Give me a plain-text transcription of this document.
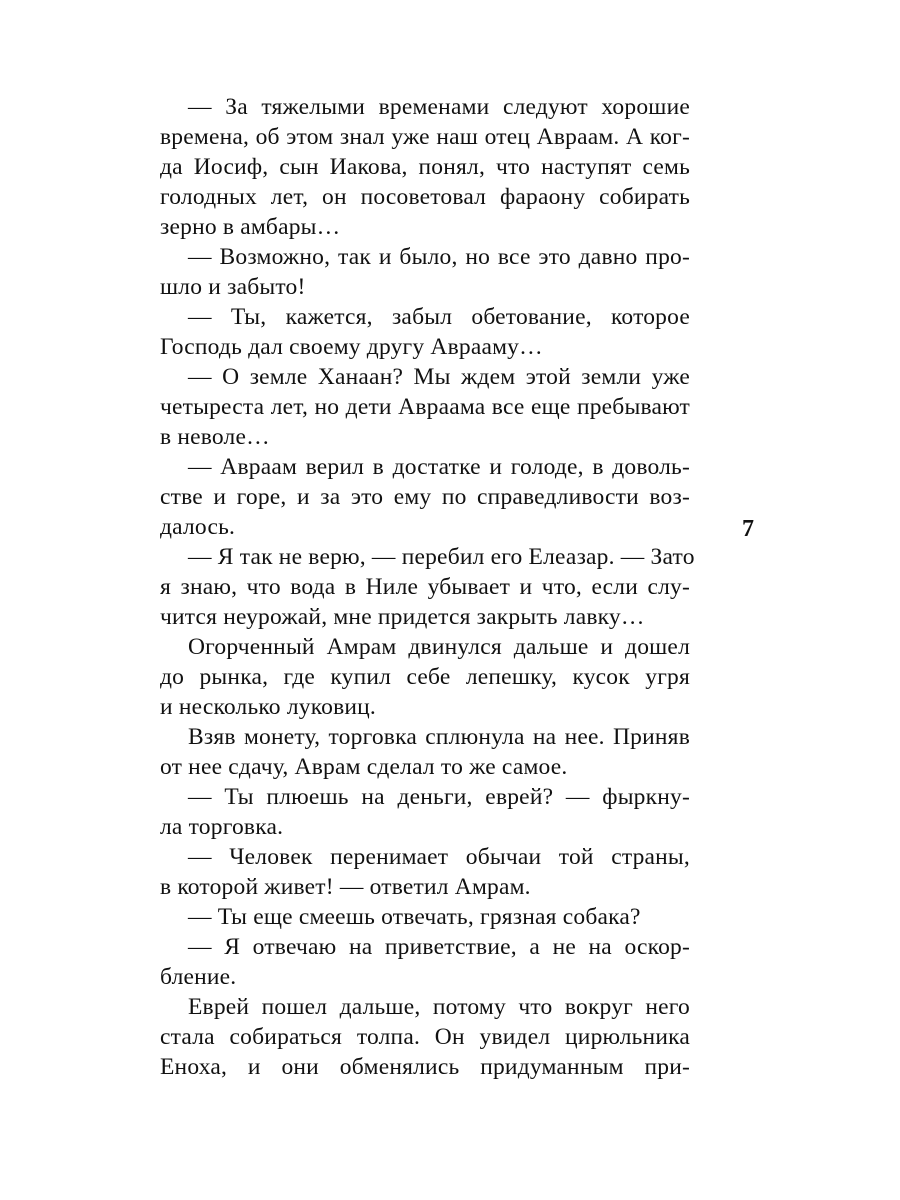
— За тяжелыми временами следуют хорошие
времена, об этом знал уже наш отец Авраам. А ког-
да Иосиф, сын Иакова, понял, что наступят семь
голодных лет, он посоветовал фараону собирать
зерно в амбары…
— Возможно, так и было, но все это давно про-
шло и забыто!
— Ты, кажется, забыл обетование, которое
Господь дал своему другу Аврааму…
— О земле Ханаан? Мы ждем этой земли уже
четыреста лет, но дети Авраама все еще пребывают
в неволе…
— Авраам верил в достатке и голоде, в доволь-
стве и горе, и за это ему по справедливости воз-
далось.
— Я так не верю, — перебил его Елеазар. — Зато
я знаю, что вода в Ниле убывает и что, если слу-
чится неурожай, мне придется закрыть лавку…
Огорченный Амрам двинулся дальше и дошел
до рынка, где купил себе лепешку, кусок угря
и несколько луковиц.
Взяв монету, торговка сплюнула на нее. Приняв
от нее сдачу, Аврам сделал то же самое.
— Ты плюешь на деньги, еврей? — фыркну-
ла торговка.
— Человек перенимает обычаи той страны,
в которой живет! — ответил Амрам.
— Ты еще смеешь отвечать, грязная собака?
— Я отвечаю на приветствие, а не на оскор-
бление.
Еврей пошел дальше, потому что вокруг него
стала собираться толпа. Он увидел цирюльника
Еноха, и они обменялись придуманным при-
7
